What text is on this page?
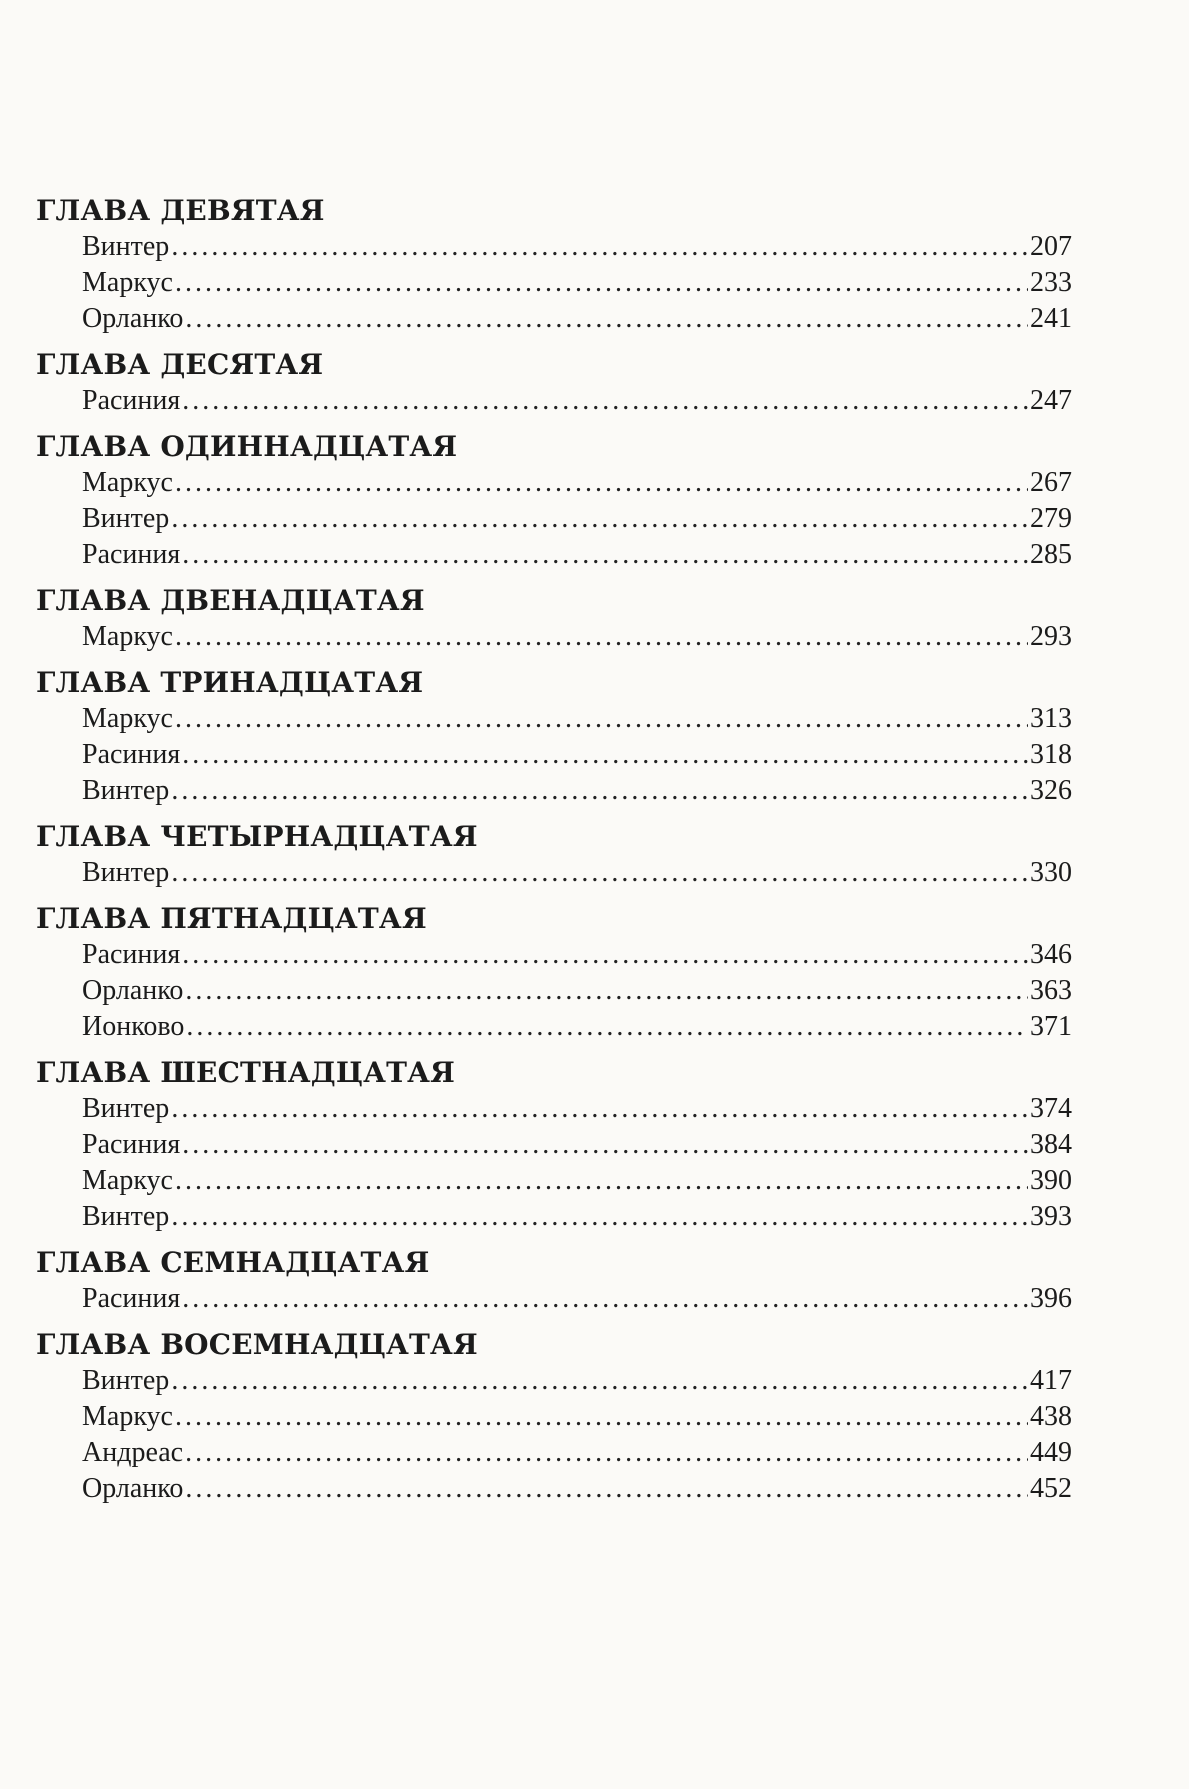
ГЛАВА ДЕВЯТАЯ
Винтер . . .	207
Маркус . . .	233
Орланко . . .	241
ГЛАВА ДЕСЯТАЯ
Расиния . . .	247
ГЛАВА ОДИННАДЦАТАЯ
Маркус . . .	267
Винтер . . .	279
Расиния . . .	285
ГЛАВА ДВЕНАДЦАТАЯ
Маркус . . .	293
ГЛАВА ТРИНАДЦАТАЯ
Маркус . . .	313
Расиния . . .	318
Винтер . . .	326
ГЛАВА ЧЕТЫРНАДЦАТАЯ
Винтер . . .	330
ГЛАВА ПЯТНАДЦАТАЯ
Расиния . . .	346
Орланко . . .	363
Ионково . . .	371
ГЛАВА ШЕСТНАДЦАТАЯ
Винтер . . .	374
Расиния . . .	384
Маркус . . .	390
Винтер . . .	393
ГЛАВА СЕМНАДЦАТАЯ
Расиния . . .	396
ГЛАВА ВОСЕМНАДЦАТАЯ
Винтер . . .	417
Маркус . . .	438
Андреас . . .	449
Орланко . . .	452
